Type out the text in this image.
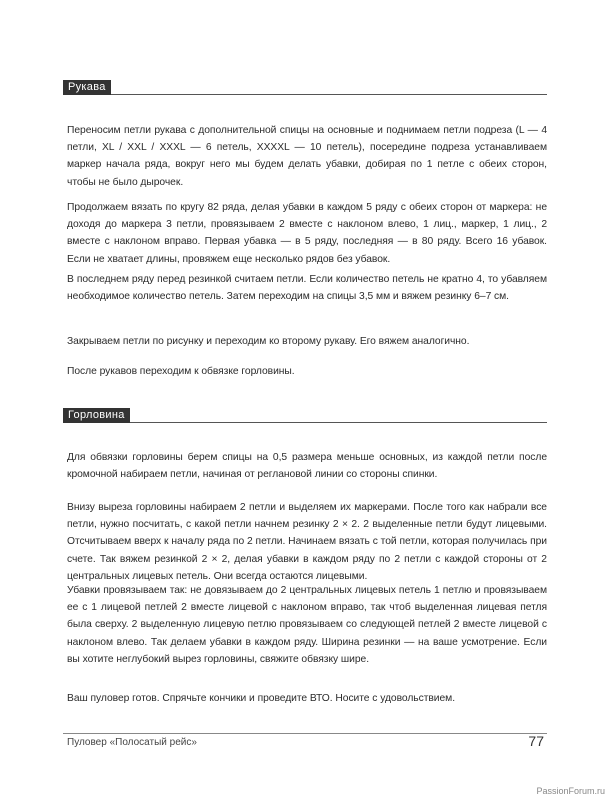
Рукава

Переносим петли рукава с дополнительной спицы на основные и поднимаем петли подреза (L — 4 петли, XL / XXL / XXXL — 6 петель, XXXXL — 10 петель), посередине подреза устанавливаем маркер начала ряда, вокруг него мы будем делать убавки, добирая по 1 петле с обеих сторон, чтобы не было дырочек.

Продолжаем вязать по кругу 82 ряда, делая убавки в каждом 5 ряду с обеих сторон от маркера: не доходя до маркера 3 петли, провязываем 2 вместе с наклоном влево, 1 лиц., маркер, 1 лиц., 2 вместе с наклоном вправо. Первая убавка — в 5 ряду, последняя — в 80 ряду. Всего 16 убавок. Если не хватает длины, провяжем еще несколько рядов без убавок.

В последнем ряду перед резинкой считаем петли. Если количество петель не кратно 4, то убавляем необходимое количество петель. Затем переходим на спицы 3,5 мм и вяжем резинку 6–7 см.

Закрываем петли по рисунку и переходим ко второму рукаву. Его вяжем аналогично.

После рукавов переходим к обвязке горловины.

Горловина

Для обвязки горловины берем спицы на 0,5 размера меньше основных, из каждой петли после кромочной набираем петли, начиная от реглановой линии со стороны спинки.

Внизу выреза горловины набираем 2 петли и выделяем их маркерами. После того как набрали все петли, нужно посчитать, с какой петли начнем резинку 2 × 2. 2 выделенные петли будут лицевыми. Отсчитываем вверх к началу ряда по 2 петли. Начинаем вязать с той петли, которая получилась при счете. Так вяжем резинкой 2 × 2, делая убавки в каждом ряду по 2 петли с каждой стороны от 2 центральных лицевых петель. Они всегда остаются лицевыми.

Убавки провязываем так: не довязываем до 2 центральных лицевых петель 1 петлю и провязываем ее с 1 лицевой петлей 2 вместе лицевой с наклоном вправо, так чтоб выделенная лицевая петля была сверху. 2 выделенную лицевую петлю провязываем со следующей петлей 2 вместе лицевой с наклоном влево. Так делаем убавки в каждом ряду. Ширина резинки — на ваше усмотрение. Если вы хотите неглубокий вырез горловины, свяжите обвязку шире.

Ваш пуловер готов. Спрячьте кончики и проведите ВТО. Носите с удовольствием.

Пуловер «Полосатый рейс»	77
PassionForum.ru
